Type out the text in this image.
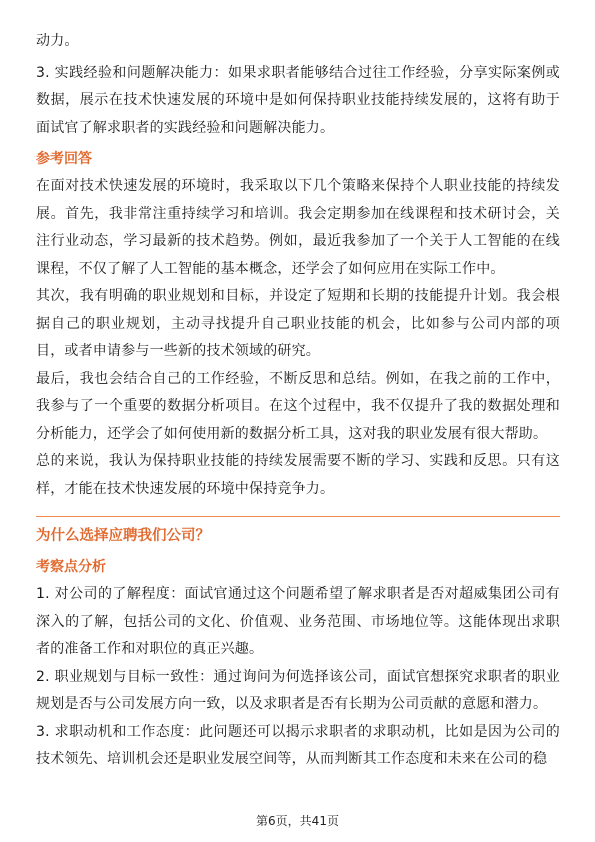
动力。

3. 实践经验和问题解决能力：如果求职者能够结合过往工作经验，分享实际案例或数据，展示在技术快速发展的环境中是如何保持职业技能持续发展的，这将有助于面试官了解求职者的实践经验和问题解决能力。

参考回答

在面对技术快速发展的环境时，我采取以下几个策略来保持个人职业技能的持续发展。首先，我非常注重持续学习和培训。我会定期参加在线课程和技术研讨会，关注行业动态，学习最新的技术趋势。例如，最近我参加了一个关于人工智能的在线课程，不仅了解了人工智能的基本概念，还学会了如何应用在实际工作中。

其次，我有明确的职业规划和目标，并设定了短期和长期的技能提升计划。我会根据自己的职业规划，主动寻找提升自己职业技能的机会，比如参与公司内部的项目，或者申请参与一些新的技术领域的研究。

最后，我也会结合自己的工作经验，不断反思和总结。例如，在我之前的工作中，我参与了一个重要的数据分析项目。在这个过程中，我不仅提升了我的数据处理和分析能力，还学会了如何使用新的数据分析工具，这对我的职业发展有很大帮助。

总的来说，我认为保持职业技能的持续发展需要不断的学习、实践和反思。只有这样，才能在技术快速发展的环境中保持竞争力。

为什么选择应聘我们公司？

考察点分析

1. 对公司的了解程度：面试官通过这个问题希望了解求职者是否对超威集团公司有深入的了解，包括公司的文化、价值观、业务范围、市场地位等。这能体现出求职者的准备工作和对职位的真正兴趣。

2. 职业规划与目标一致性：通过询问为何选择该公司，面试官想探究求职者的职业规划是否与公司发展方向一致，以及求职者是否有长期为公司贡献的意愿和潜力。

3. 求职动机和工作态度：此问题还可以揭示求职者的求职动机，比如是因为公司的技术领先、培训机会还是职业发展空间等，从而判断其工作态度和未来在公司的稳

第6页，共41页
